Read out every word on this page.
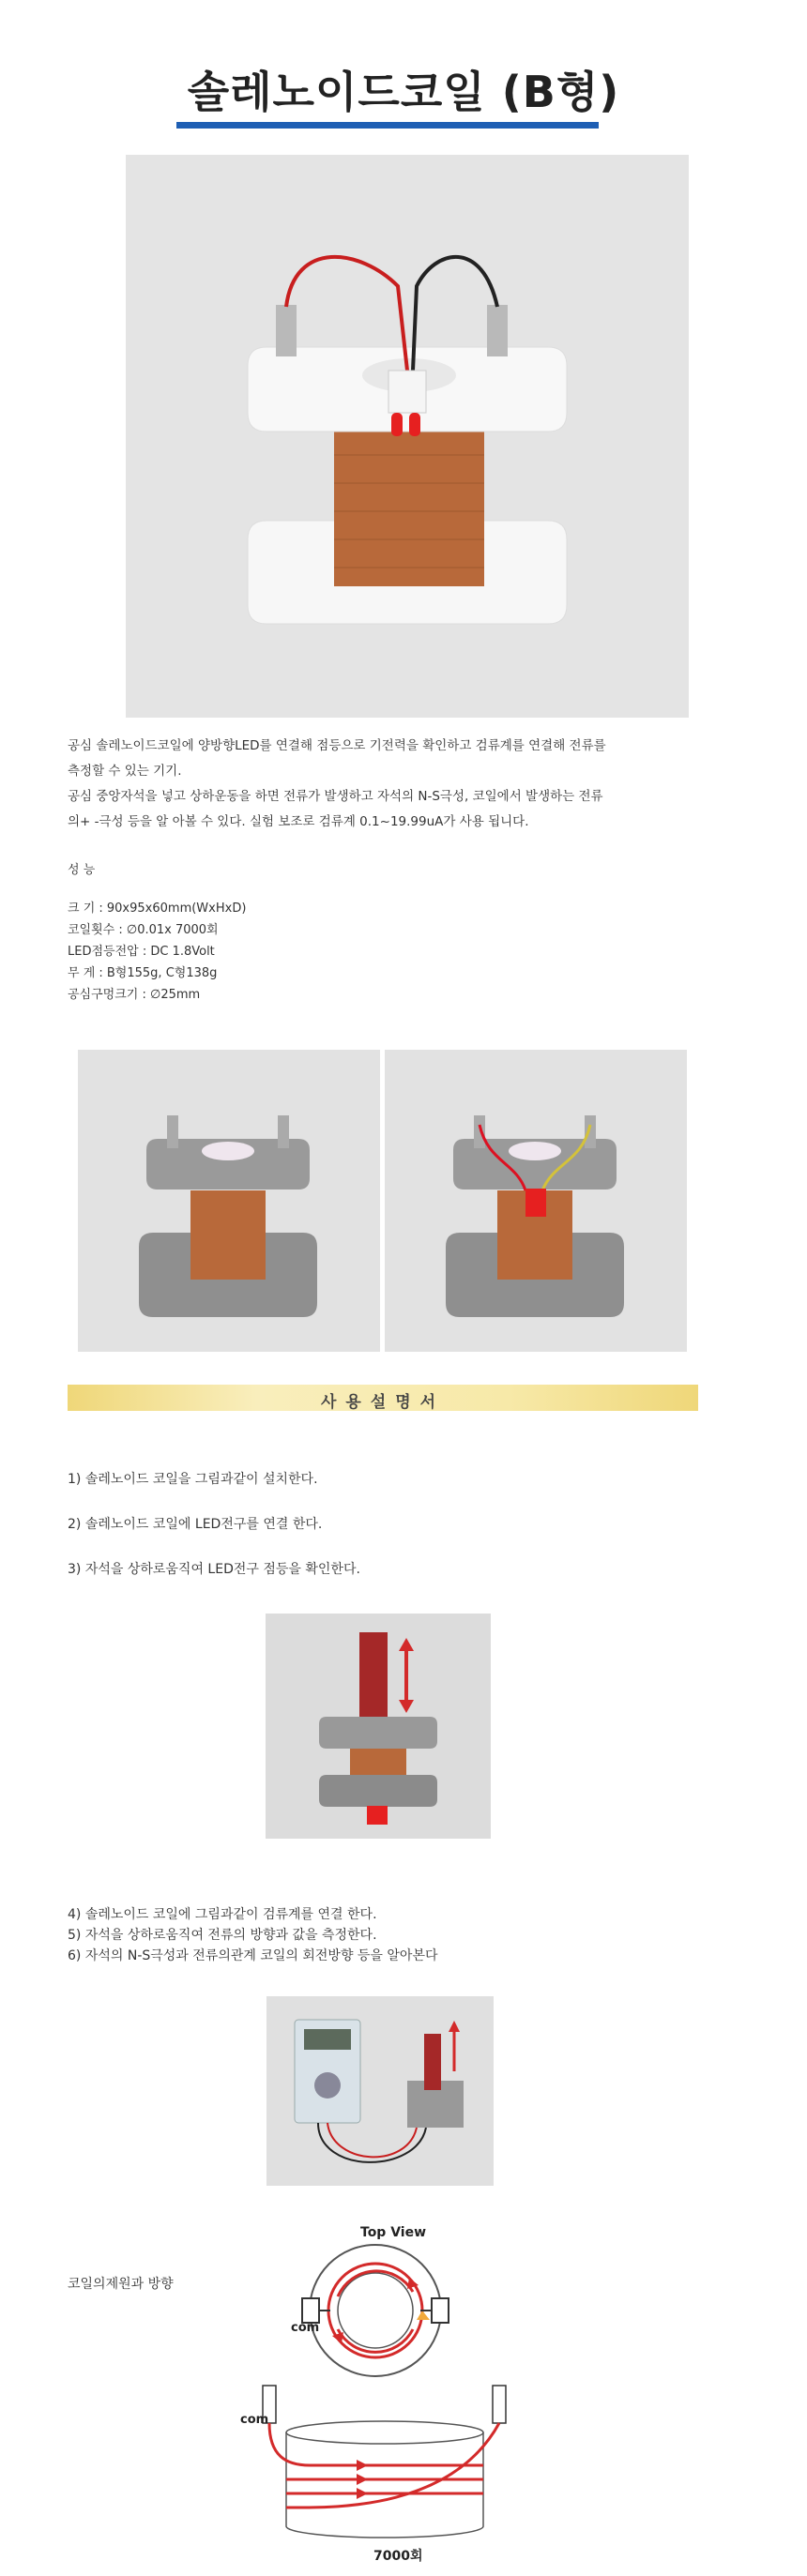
솔레노이드코일 (B형)
공심 솔레노이드코일에 양방향LED를 연결해 점등으로 기전력을 확인하고 검류계를 연결해 전류를
측정할 수 있는 기기.
공심 중앙자석을 넣고 상하운동을 하면 전류가 발생하고 자석의 N-S극성, 코일에서 발생하는 전류
의+ -극성 등을 알 아볼 수 있다. 실험 보조로 검류계 0.1~19.99uA가 사용 됩니다.
성 능
크 기 : 90x95x60mm(WxHxD)
코일횟수 : ∅0.01x 7000회
LED점등전압 : DC 1.8Volt
무 게 : B형155g, C형138g
공심구멍크기 : ∅25mm
사용설명서
1) 솔레노이드 코일을 그림과같이 설치한다.
2) 솔레노이드 코일에 LED전구를 연결 한다.
3) 자석을 상하로움직여 LED전구 점등을 확인한다.
4) 솔레노이드 코일에 그림과같이 검류계를 연결 한다.
5) 자석을 상하로움직여 전류의 방향과 값을 측정한다.
6) 자석의 N-S극성과 전류의관계 코일의 회전방향 등을 알아본다
코일의제원과 방향
Top View
com
com
7000회
